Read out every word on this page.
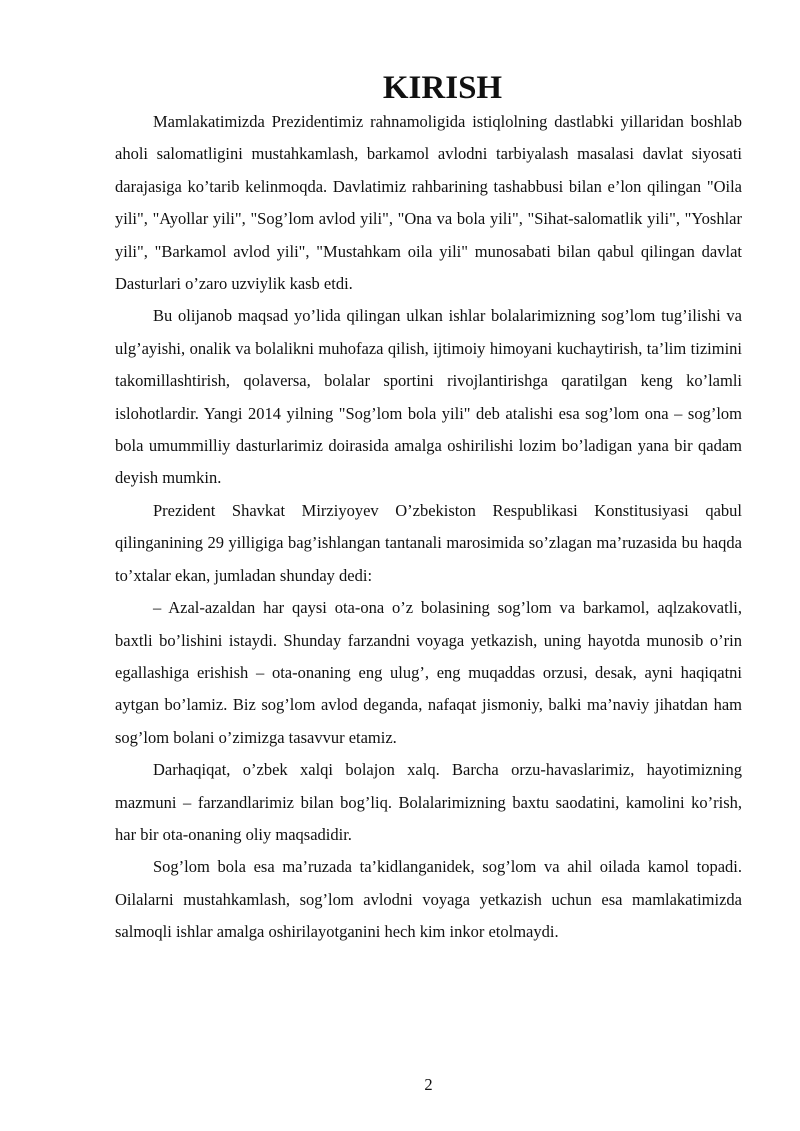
KIRISH

Mamlakatimizda Prezidentimiz rahnamoligida istiqlolning dastlabki yillaridan boshlab aholi salomatligini mustahkamlash, barkamol avlodni tarbiyalash masalasi davlat siyosati darajasiga ko’tarib kelinmoqda. Davlatimiz rahbarining tashabbusi bilan e’lon qilingan "Oila yili", "Ayollar yili", "Sog’lom avlod yili", "Ona va bola yili", "Sihat-salomatlik yili", "Yoshlar yili", "Barkamol avlod yili", "Mustahkam oila yili" munosabati bilan qabul qilingan davlat Dasturlari o’zaro uzviylik kasb etdi.

Bu olijanob maqsad yo’lida qilingan ulkan ishlar bolalarimizning sog’lom tug’ilishi va ulg’ayishi, onalik va bolalikni muhofaza qilish, ijtimoiy himoyani kuchaytirish, ta’lim tizimini takomillashtirish, qolaversa, bolalar sportini rivojlantirishga qaratilgan keng ko’lamli islohotlardir. Yangi 2014 yilning "Sog’lom bola yili" deb atalishi esa sog’lom ona – sog’lom bola umummilliy dasturlarimiz doirasida amalga oshirilishi lozim bo’ladigan yana bir qadam deyish mumkin.

Prezident Shavkat Mirziyoyev O’zbekiston Respublikasi Konstitusiyasi qabul qilinganining 29 yilligiga bag’ishlangan tantanali marosimida so’zlagan ma’ruzasida bu haqda to’xtalar ekan, jumladan shunday dedi:

– Azal-azaldan har qaysi ota-ona o’z bolasining sog’lom va barkamol, aqlzakovatli, baxtli bo’lishini istaydi. Shunday farzandni voyaga yetkazish, uning hayotda munosib o’rin egallashiga erishish – ota-onaning eng ulug’, eng muqaddas orzusi, desak, ayni haqiqatni aytgan bo’lamiz. Biz sog’lom avlod deganda, nafaqat jismoniy, balki ma’naviy jihatdan ham sog’lom bolani o’zimizga tasavvur etamiz.

Darhaqiqat, o’zbek xalqi bolajon xalq. Barcha orzu-havaslarimiz, hayotimizning mazmuni – farzandlarimiz bilan bog’liq. Bolalarimizning baxtu saodatini, kamolini ko’rish, har bir ota-onaning oliy maqsadidir.

Sog’lom bola esa ma’ruzada ta’kidlanganidek, sog’lom va ahil oilada kamol topadi. Oilalarni mustahkamlash, sog’lom avlodni voyaga yetkazish uchun esa mamlakatimizda salmoqli ishlar amalga oshirilayotganini hech kim inkor etolmaydi.

2
